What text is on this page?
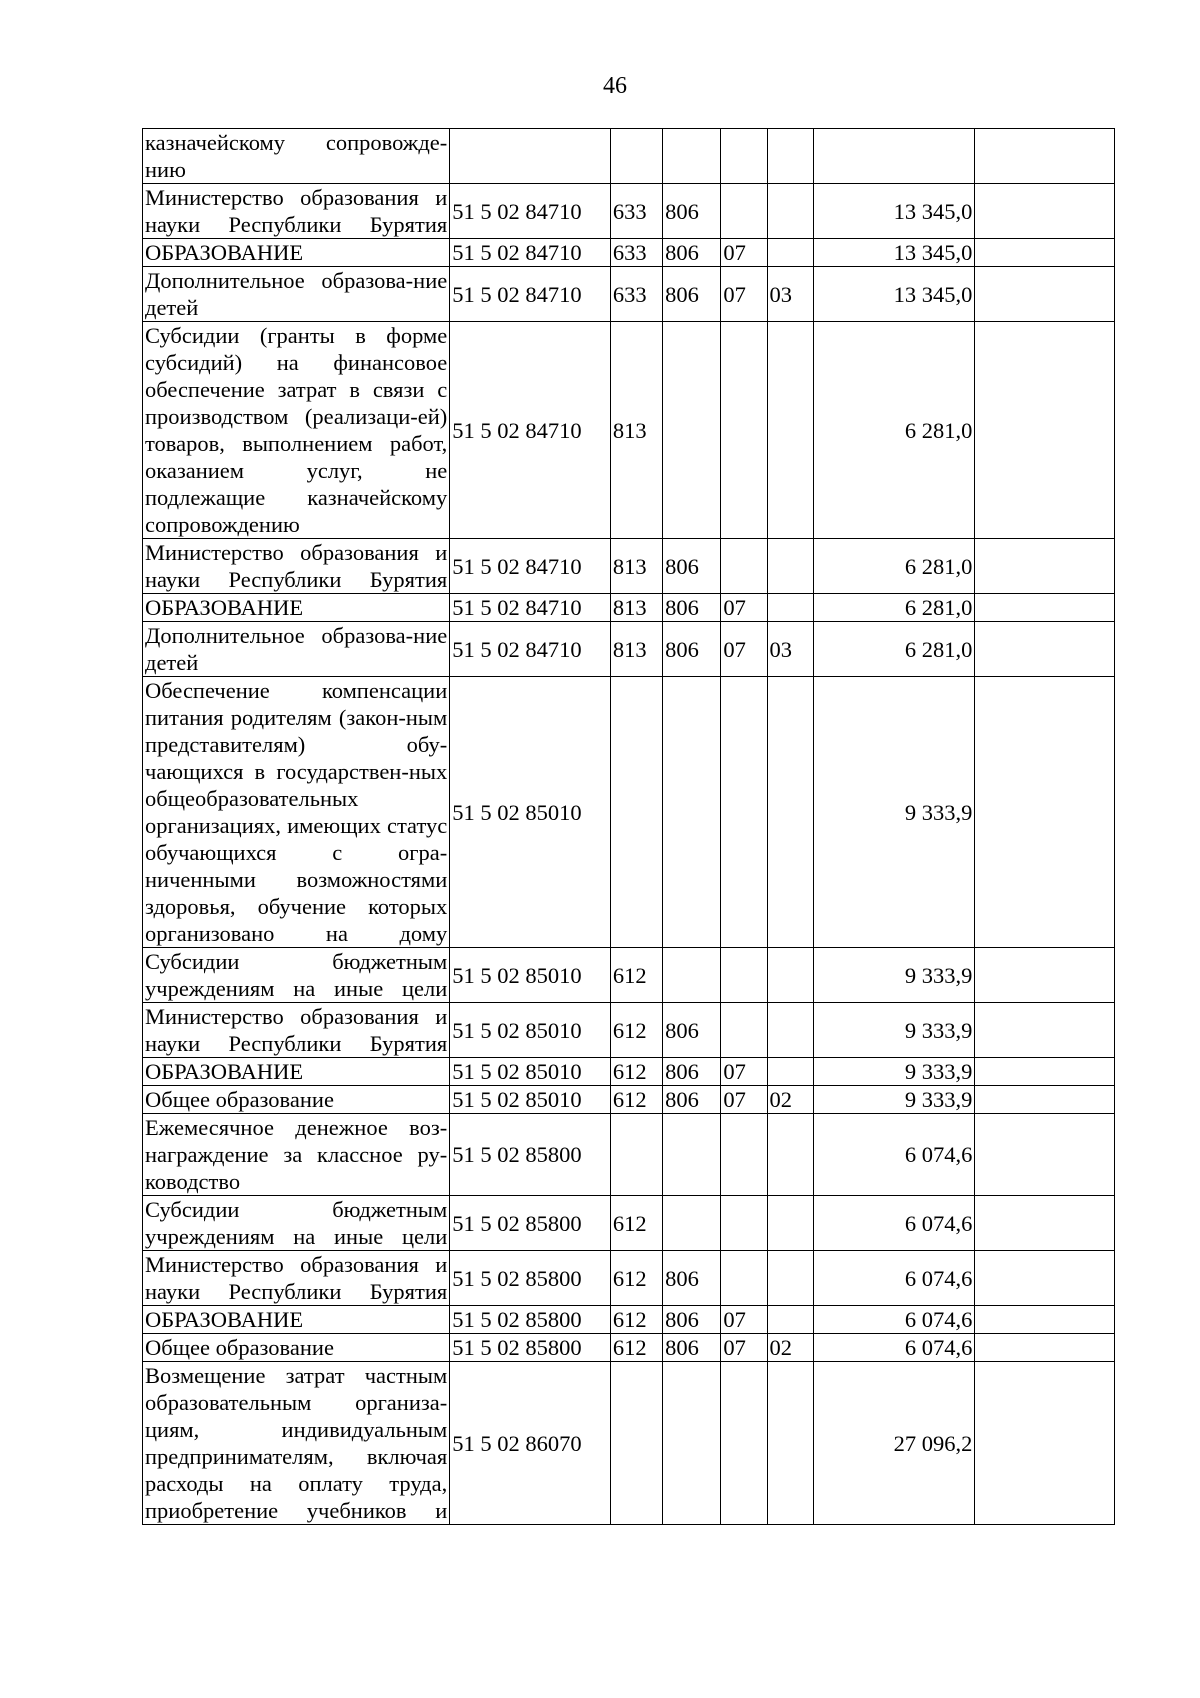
46
казначейскому сопровожде-нию							
Министерство образования и науки Республики Бурятия	51 5 02 84710	633	806			13 345,0	
ОБРАЗОВАНИЕ	51 5 02 84710	633	806	07		13 345,0	
Дополнительное образова-ние детей	51 5 02 84710	633	806	07	03	13 345,0	
Субсидии (гранты в форме субсидий) на финансовое обеспечение затрат в связи с производством (реализаци-ей) товаров, выполнением работ, оказанием услуг, не подлежащие казначейскому сопровождению	51 5 02 84710	813				6 281,0	
Министерство образования и науки Республики Бурятия	51 5 02 84710	813	806			6 281,0	
ОБРАЗОВАНИЕ	51 5 02 84710	813	806	07		6 281,0	
Дополнительное образова-ние детей	51 5 02 84710	813	806	07	03	6 281,0	
Обеспечение компенсации питания родителям (закон-ным представителям) обу-чающихся в государствен-ных общеобразовательных организациях, имеющих статус обучающихся с огра-ниченными возможностями здоровья, обучение которых организовано на дому	51 5 02 85010					9 333,9	
Субсидии бюджетным учреждениям на иные цели	51 5 02 85010	612				9 333,9	
Министерство образования и науки Республики Бурятия	51 5 02 85010	612	806			9 333,9	
ОБРАЗОВАНИЕ	51 5 02 85010	612	806	07		9 333,9	
Общее образование	51 5 02 85010	612	806	07	02	9 333,9	
Ежемесячное денежное воз-награждение за классное ру-ководство	51 5 02 85800					6 074,6	
Субсидии бюджетным учреждениям на иные цели	51 5 02 85800	612				6 074,6	
Министерство образования и науки Республики Бурятия	51 5 02 85800	612	806			6 074,6	
ОБРАЗОВАНИЕ	51 5 02 85800	612	806	07		6 074,6	
Общее образование	51 5 02 85800	612	806	07	02	6 074,6	
Возмещение затрат частным образовательным организа-циям, индивидуальным предпринимателям, включая расходы на оплату труда, приобретение учебников и	51 5 02 86070					27 096,2	
